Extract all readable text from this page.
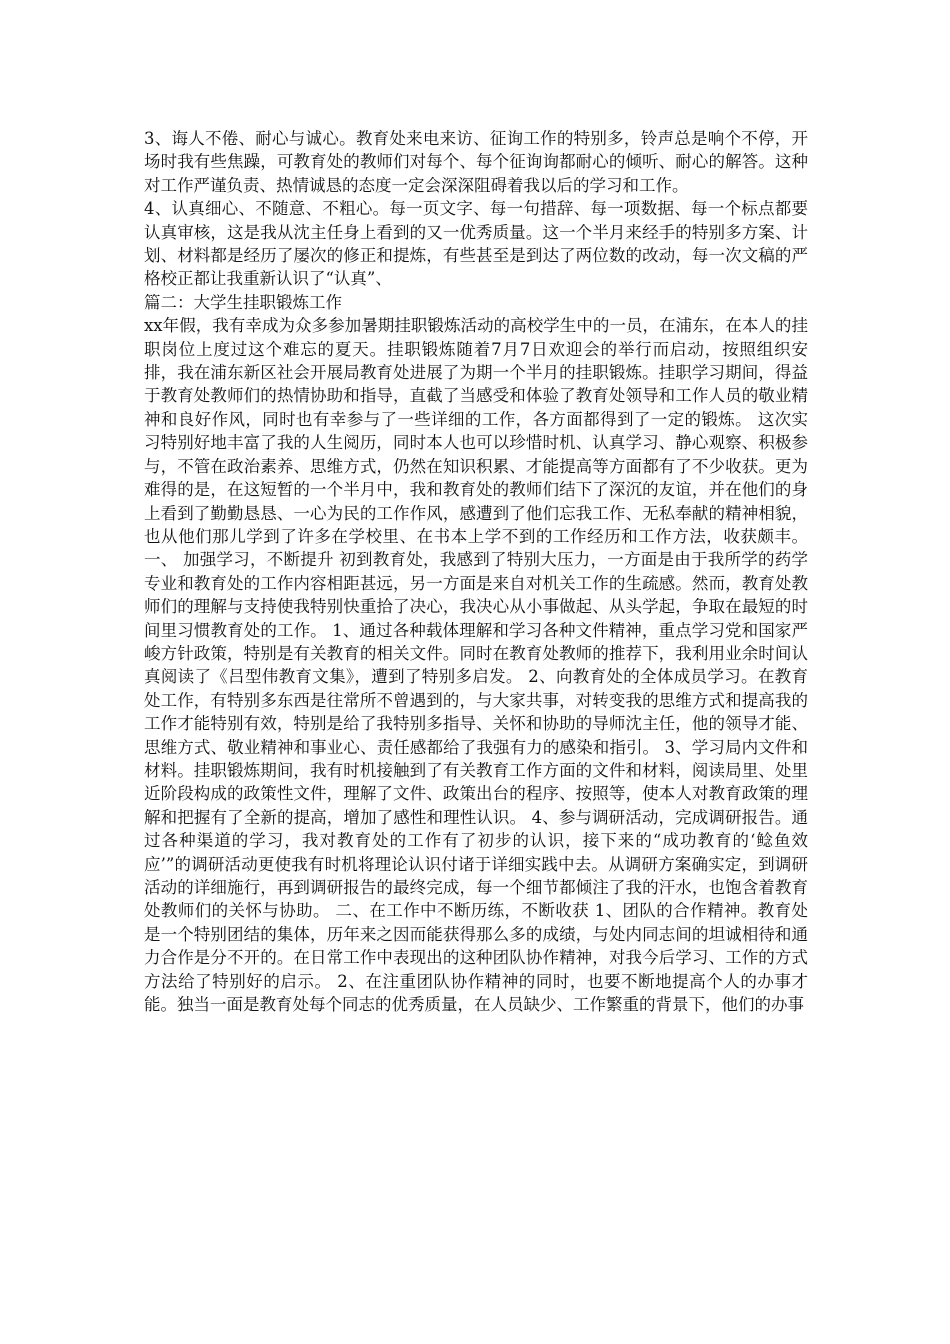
3、诲人不倦、耐心与诚心。教育处来电来访、征询工作的特别多，铃声总是响个不停，开场时我有些焦躁，可教育处的教师们对每个、每个征询询都耐心的倾听、耐心的解答。这种对工作严谨负责、热情诚恳的态度一定会深深阻碍着我以后的学习和工作。

4、认真细心、不随意、不粗心。每一页文字、每一句措辞、每一项数据、每一个标点都要认真审核，这是我从沈主任身上看到的又一优秀质量。这一个半月来经手的特别多方案、计划、材料都是经历了屡次的修正和提炼，有些甚至是到达了两位数的改动，每一次文稿的严格校正都让我重新认识了“认真”、

篇二：大学生挂职锻炼工作

xx年假，我有幸成为众多参加暑期挂职锻炼活动的高校学生中的一员，在浦东，在本人的挂职岗位上度过这个难忘的夏天。挂职锻炼随着7月7日欢迎会的举行而启动，按照组织安排，我在浦东新区社会开展局教育处进展了为期一个半月的挂职锻炼。挂职学习期间，得益于教育处教师们的热情协助和指导，直截了当感受和体验了教育处领导和工作人员的敬业精神和良好作风，同时也有幸参与了一些详细的工作，各方面都得到了一定的锻炼。 这次实习特别好地丰富了我的人生阅历，同时本人也可以珍惜时机、认真学习、静心观察、积极参与，不管在政治素养、思维方式，仍然在知识积累、才能提高等方面都有了不少收获。更为难得的是，在这短暂的一个半月中，我和教育处的教师们结下了深沉的友谊，并在他们的身上看到了勤勤恳恳、一心为民的工作作风，感遭到了他们忘我工作、无私奉献的精神相貌，也从他们那儿学到了许多在学校里、在书本上学不到的工作经历和工作方法，收获颇丰。 一、 加强学习，不断提升 初到教育处，我感到了特别大压力，一方面是由于我所学的药学专业和教育处的工作内容相距甚远，另一方面是来自对机关工作的生疏感。然而，教育处教师们的理解与支持使我特别快重拾了决心，我决心从小事做起、从头学起，争取在最短的时间里习惯教育处的工作。 1、通过各种载体理解和学习各种文件精神，重点学习党和国家严峻方针政策，特别是有关教育的相关文件。同时在教育处教师的推荐下，我利用业余时间认真阅读了《吕型伟教育文集》，遭到了特别多启发。 2、向教育处的全体成员学习。在教育处工作，有特别多东西是往常所不曾遇到的，与大家共事，对转变我的思维方式和提高我的工作才能特别有效，特别是给了我特别多指导、关怀和协助的导师沈主任，他的领导才能、思维方式、敬业精神和事业心、责任感都给了我强有力的感染和指引。 3、学习局内文件和材料。挂职锻炼期间，我有时机接触到了有关教育工作方面的文件和材料，阅读局里、处里近阶段构成的政策性文件，理解了文件、政策出台的程序、按照等，使本人对教育政策的理解和把握有了全新的提高，增加了感性和理性认识。 4、参与调研活动，完成调研报告。通过各种渠道的学习，我对教育处的工作有了初步的认识，接下来的“成功教育的‘鲶鱼效应’”的调研活动更使我有时机将理论认识付诸于详细实践中去。从调研方案确实定，到调研活动的详细施行，再到调研报告的最终完成，每一个细节都倾注了我的汗水，也饱含着教育处教师们的关怀与协助。 二、在工作中不断历练，不断收获 1、团队的合作精神。教育处是一个特别团结的集体，历年来之因而能获得那么多的成绩，与处内同志间的坦诚相待和通力合作是分不开的。在日常工作中表现出的这种团队协作精神，对我今后学习、工作的方式方法给了特别好的启示。 2、在注重团队协作精神的同时，也要不断地提高个人的办事才能。独当一面是教育处每个同志的优秀质量，在人员缺少、工作繁重的背景下，他们的办事
